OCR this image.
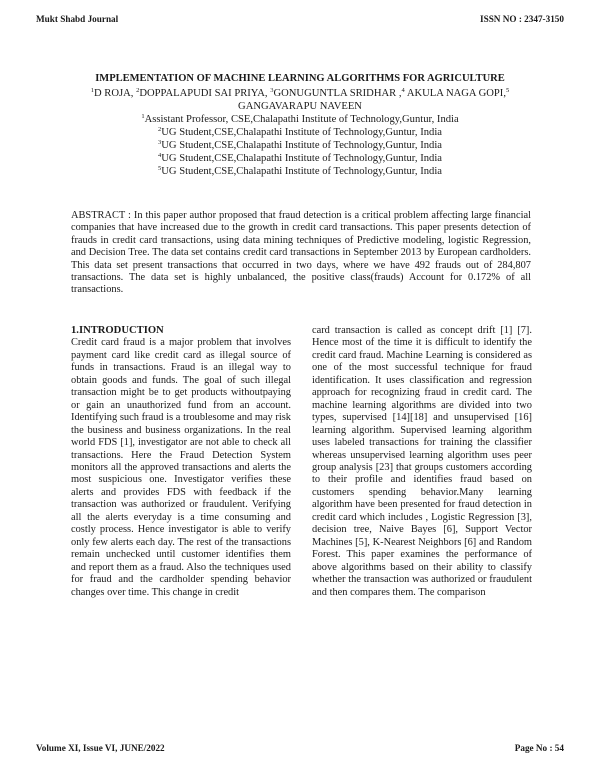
Mukt Shabd Journal	ISSN NO : 2347-3150
IMPLEMENTATION OF MACHINE LEARNING ALGORITHMS FOR AGRICULTURE
$^1$D ROJA, $^2$DOPPALAPUDI SAI PRIYA, $^3$GONUGUNTLA SRIDHAR ,$^4$ AKULA NAGA GOPI,$^5$ GANGAVARAPU NAVEEN
$^1$Assistant Professor, CSE,Chalapathi Institute of Technology,Guntur, India
$^2$UG Student,CSE,Chalapathi Institute of Technology,Guntur, India
$^3$UG Student,CSE,Chalapathi Institute of Technology,Guntur, India
$^4$UG Student,CSE,Chalapathi Institute of Technology,Guntur, India
$^5$UG Student,CSE,Chalapathi Institute of Technology,Guntur, India
ABSTRACT : In this paper author proposed that fraud detection is a critical problem affecting large financial companies that have increased due to the growth in credit card transactions. This paper presents detection of frauds in credit card transactions, using data mining techniques of Predictive modeling, logistic Regression, and Decision Tree. The data set contains credit card transactions in September 2013 by European cardholders. This data set present transactions that occurred in two days, where we have 492 frauds out of 284,807 transactions. The data set is highly unbalanced, the positive class(frauds) Account for 0.172% of all transactions.
1.INTRODUCTION
Credit card fraud is a major problem that involves payment card like credit card as illegal source of funds in transactions. Fraud is an illegal way to obtain goods and funds. The goal of such illegal transaction might be to get products withoutpaying or gain an unauthorized fund from an account. Identifying such fraud is a troublesome and may risk the business and business organizations. In the real world FDS [1], investigator are not able to check all transactions. Here the Fraud Detection System monitors all the approved transactions and alerts the most suspicious one. Investigator verifies these alerts and provides FDS with feedback if the transaction was authorized or fraudulent. Verifying all the alerts everyday is a time consuming and costly process. Hence investigator is able to verify only few alerts each day. The rest of the transactions remain unchecked until customer identifies them and report them as a fraud. Also the techniques used for fraud and the cardholder spending behavior changes over time. This change in credit
card transaction is called as concept drift [1] [7]. Hence most of the time it is difficult to identify the credit card fraud. Machine Learning is considered as one of the most successful technique for fraud identification. It uses classification and regression approach for recognizing fraud in credit card. The machine learning algorithms are divided into two types, supervised [14][18] and unsupervised [16] learning algorithm. Supervised learning algorithm uses labeled transactions for training the classifier whereas unsupervised learning algorithm uses peer group analysis [23] that groups customers according to their profile and identifies fraud based on customers spending behavior.Many learning algorithm have been presented for fraud detection in credit card which includes , Logistic Regression [3], decision tree, Naive Bayes [6], Support Vector Machines [5], K-Nearest Neighbors [6] and Random Forest. This paper examines the performance of above algorithms based on their ability to classify whether the transaction was authorized or fraudulent and then compares them. The comparison
Volume XI, Issue VI, JUNE/2022	Page No : 54
